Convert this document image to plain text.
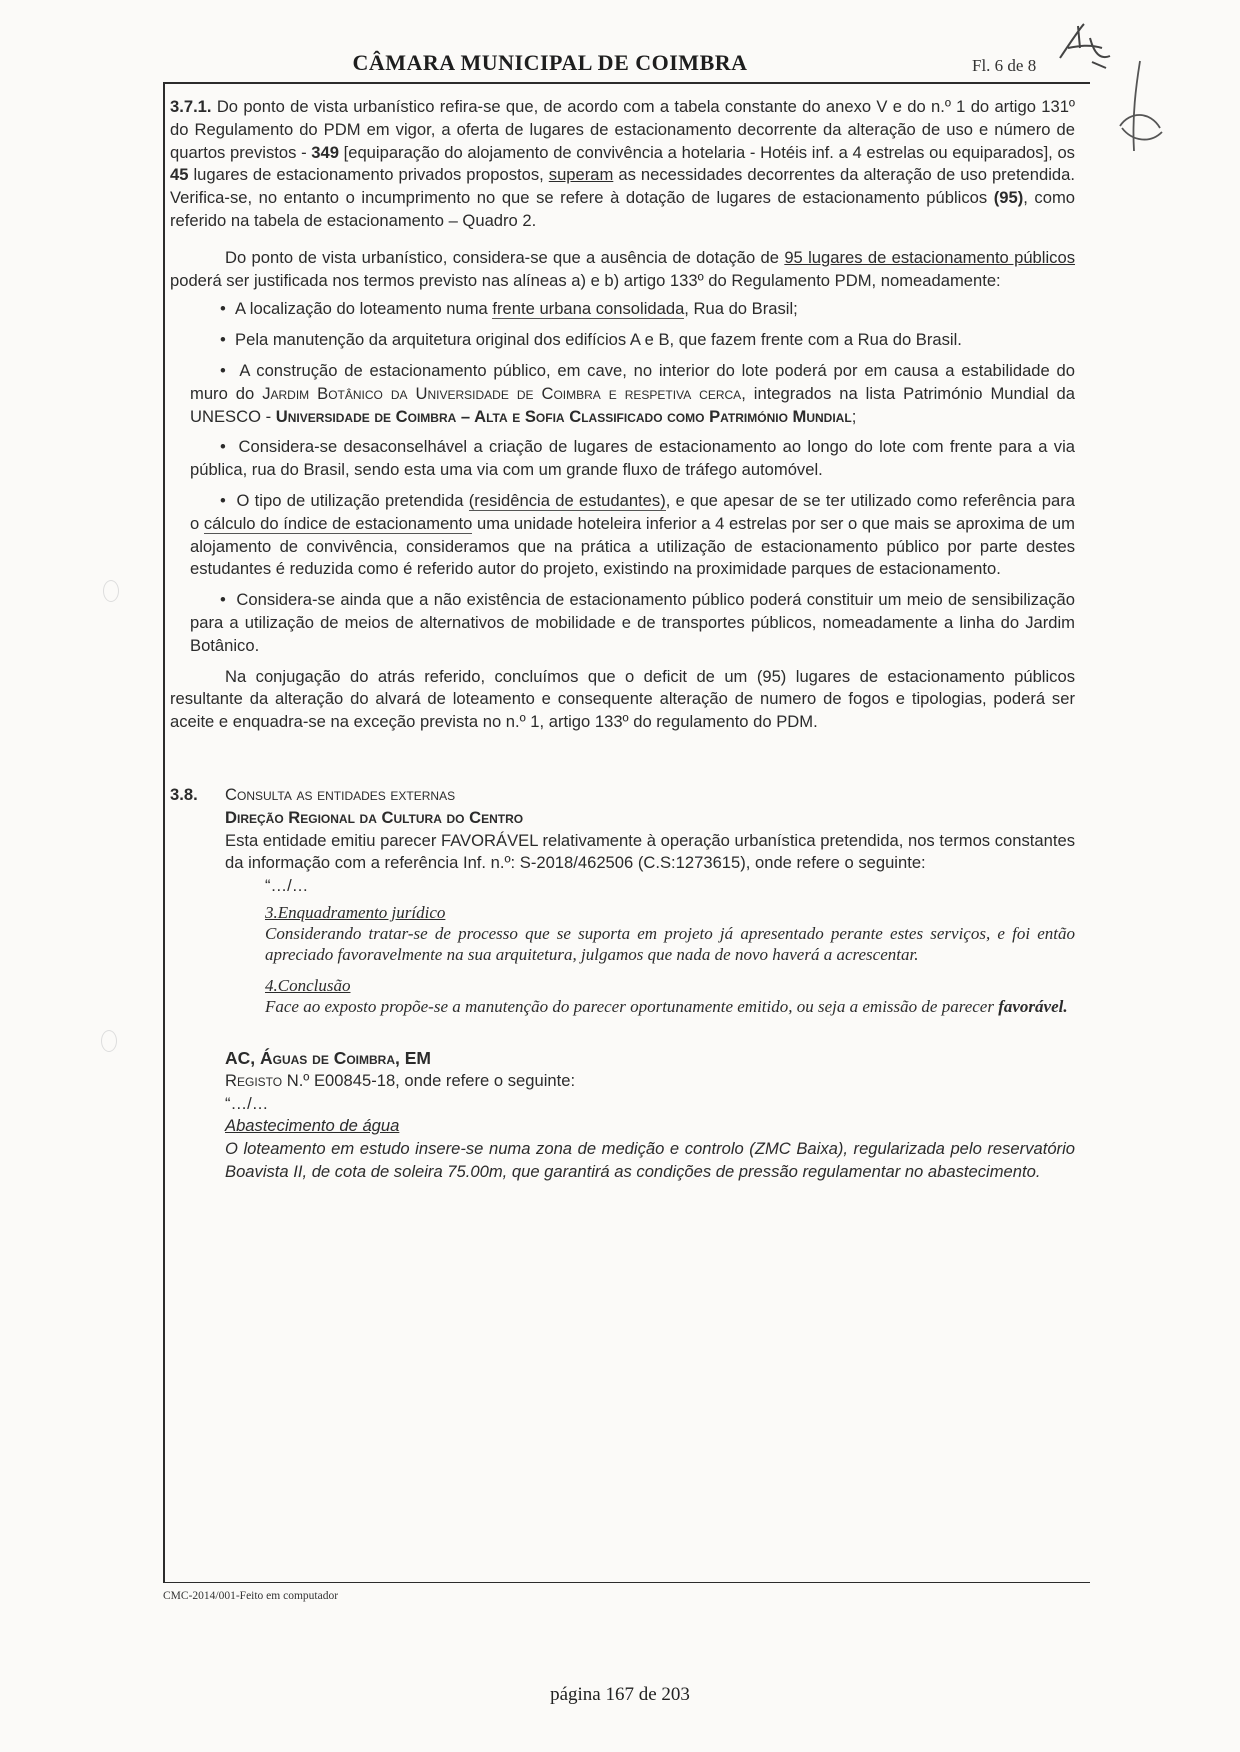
CÂMARA MUNICIPAL DE COIMBRA	Fl. 6 de 8

3.7.1. Do ponto de vista urbanístico refira-se que, de acordo com a tabela constante do anexo V e do n.º 1 do artigo 131º do Regulamento do PDM em vigor, a oferta de lugares de estacionamento decorrente da alteração de uso e número de quartos previstos - 349 [equiparação do alojamento de convivência a hotelaria - Hotéis inf. a 4 estrelas ou equiparados], os 45 lugares de estacionamento privados propostos, superam as necessidades decorrentes da alteração de uso pretendida. Verifica-se, no entanto o incumprimento no que se refere à dotação de lugares de estacionamento públicos (95), como referido na tabela de estacionamento – Quadro 2.

Do ponto de vista urbanístico, considera-se que a ausência de dotação de 95 lugares de estacionamento públicos poderá ser justificada nos termos previsto nas alíneas a) e b) artigo 133º do Regulamento PDM, nomeadamente:

•  A localização do loteamento numa frente urbana consolidada, Rua do Brasil;

•  Pela manutenção da arquitetura original dos edifícios A e B, que fazem frente com a Rua do Brasil.

•  A construção de estacionamento público, em cave, no interior do lote poderá por em causa a estabilidade do muro do Jardim Botânico da Universidade de Coimbra e respetiva cerca, integrados na lista Património Mundial da UNESCO - Universidade de Coimbra – Alta e Sofia Classificado como Património Mundial;

•  Considera-se desaconselhável a criação de lugares de estacionamento ao longo do lote com frente para a via pública, rua do Brasil, sendo esta uma via com um grande fluxo de tráfego automóvel.

•  O tipo de utilização pretendida (residência de estudantes), e que apesar de se ter utilizado como referência para o cálculo do índice de estacionamento uma unidade hoteleira inferior a 4 estrelas por ser o que mais se aproxima de um alojamento de convivência, consideramos que na prática a utilização de estacionamento público por parte destes estudantes é reduzida como é referido autor do projeto, existindo na proximidade parques de estacionamento.

•  Considera-se ainda que a não existência de estacionamento público poderá constituir um meio de sensibilização para a utilização de meios de alternativos de mobilidade e de transportes públicos, nomeadamente a linha do Jardim Botânico.

Na conjugação do atrás referido, concluímos que o deficit de um (95) lugares de estacionamento públicos resultante da alteração do alvará de loteamento e consequente alteração de numero de fogos e tipologias, poderá ser aceite e enquadra-se na exceção prevista no n.º 1, artigo 133º do regulamento do PDM.

3.8.	Consulta as entidades externas
Direção Regional da Cultura do Centro

Esta entidade emitiu parecer FAVORÁVEL relativamente à operação urbanística pretendida, nos termos constantes da informação com a referência Inf. n.º: S-2018/462506 (C.S:1273615), onde refere o seguinte:

“…/…
3.Enquadramento jurídico

Considerando tratar-se de processo que se suporta em projeto já apresentado perante estes serviços, e foi então apreciado favoravelmente na sua arquitetura, julgamos que nada de novo haverá a acrescentar.

4.Conclusão

Face ao exposto propõe-se a manutenção do parecer oportunamente emitido, ou seja a emissão de parecer favorável.

AC, Águas de Coimbra, EM
Registo N.º E00845-18, onde refere o seguinte:
“…/…
Abastecimento de água

O loteamento em estudo insere-se numa zona de medição e controlo (ZMC Baixa), regularizada pelo reservatório Boavista II, de cota de soleira 75.00m, que garantirá as condições de pressão regulamentar no abastecimento.

CMC-2014/001-Feito em computador
página 167 de 203
